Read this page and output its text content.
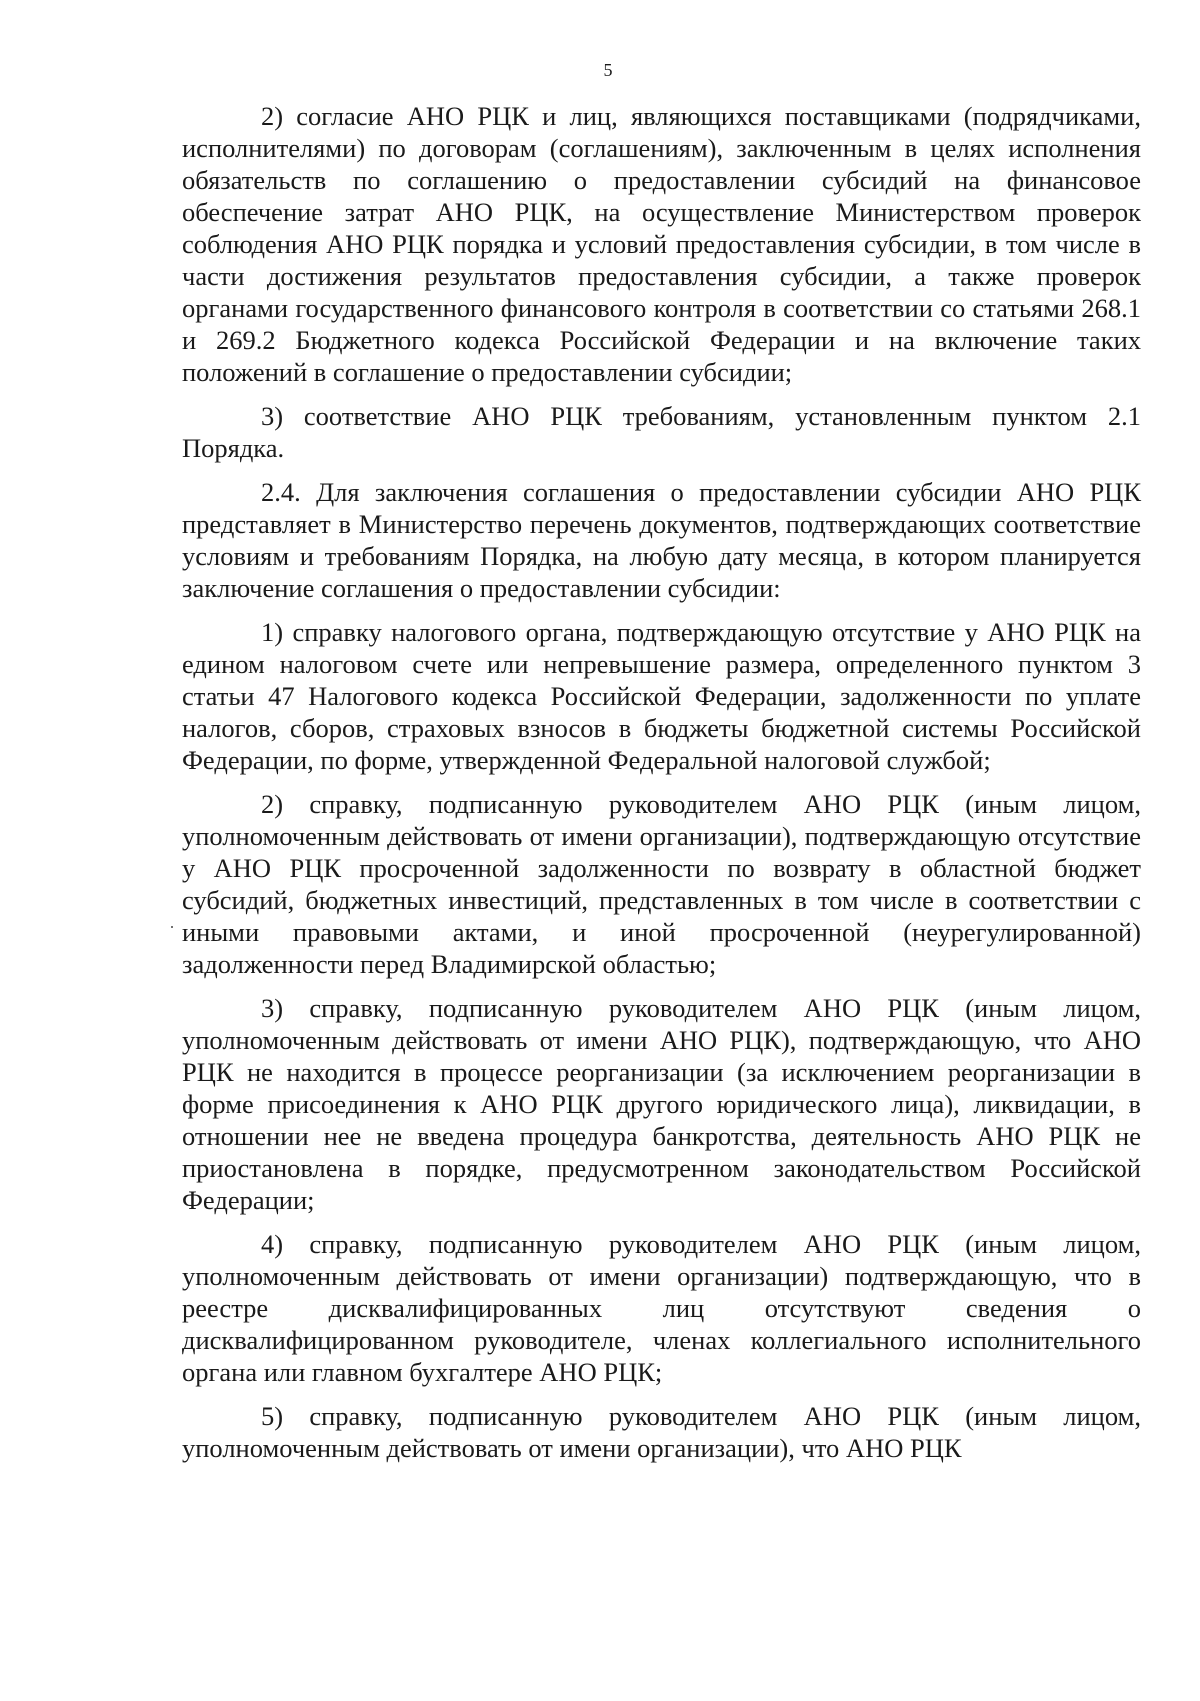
5

2) согласие АНО РЦК и лиц, являющихся поставщиками (подрядчиками, исполнителями) по договорам (соглашениям), заключенным в целях исполнения обязательств по соглашению о предоставлении субсидий на финансовое обеспечение затрат АНО РЦК, на осуществление Министерством проверок соблюдения АНО РЦК порядка и условий предоставления субсидии, в том числе в части достижения результатов предоставления субсидии, а также проверок органами государственного финансового контроля в соответствии со статьями 268.1 и 269.2 Бюджетного кодекса Российской Федерации и на включение таких положений в соглашение о предоставлении субсидии;

3) соответствие АНО РЦК требованиям, установленным пунктом 2.1 Порядка.

2.4. Для заключения соглашения о предоставлении субсидии АНО РЦК представляет в Министерство перечень документов, подтверждающих соответствие условиям и требованиям Порядка, на любую дату месяца, в котором планируется заключение соглашения о предоставлении субсидии:

1) справку налогового органа, подтверждающую отсутствие у АНО РЦК на едином налоговом счете или непревышение размера, определенного пунктом 3 статьи 47 Налогового кодекса Российской Федерации, задолженности по уплате налогов, сборов, страховых взносов в бюджеты бюджетной системы Российской Федерации, по форме, утвержденной Федеральной налоговой службой;

2) справку, подписанную руководителем АНО РЦК (иным лицом, уполномоченным действовать от имени организации), подтверждающую отсутствие у АНО РЦК просроченной задолженности по возврату в областной бюджет субсидий, бюджетных инвестиций, представленных в том числе в соответствии с иными правовыми актами, и иной просроченной (неурегулированной) задолженности перед Владимирской областью;

3) справку, подписанную руководителем АНО РЦК (иным лицом, уполномоченным действовать от имени АНО РЦК), подтверждающую, что АНО РЦК не находится в процессе реорганизации (за исключением реорганизации в форме присоединения к АНО РЦК другого юридического лица), ликвидации, в отношении нее не введена процедура банкротства, деятельность АНО РЦК не приостановлена в порядке, предусмотренном законодательством Российской Федерации;

4) справку, подписанную руководителем АНО РЦК (иным лицом, уполномоченным действовать от имени организации) подтверждающую, что в реестре дисквалифицированных лиц отсутствуют сведения о дисквалифицированном руководителе, членах коллегиального исполнительного органа или главном бухгалтере АНО РЦК;

5) справку, подписанную руководителем АНО РЦК (иным лицом, уполномоченным действовать от имени организации), что АНО РЦК
